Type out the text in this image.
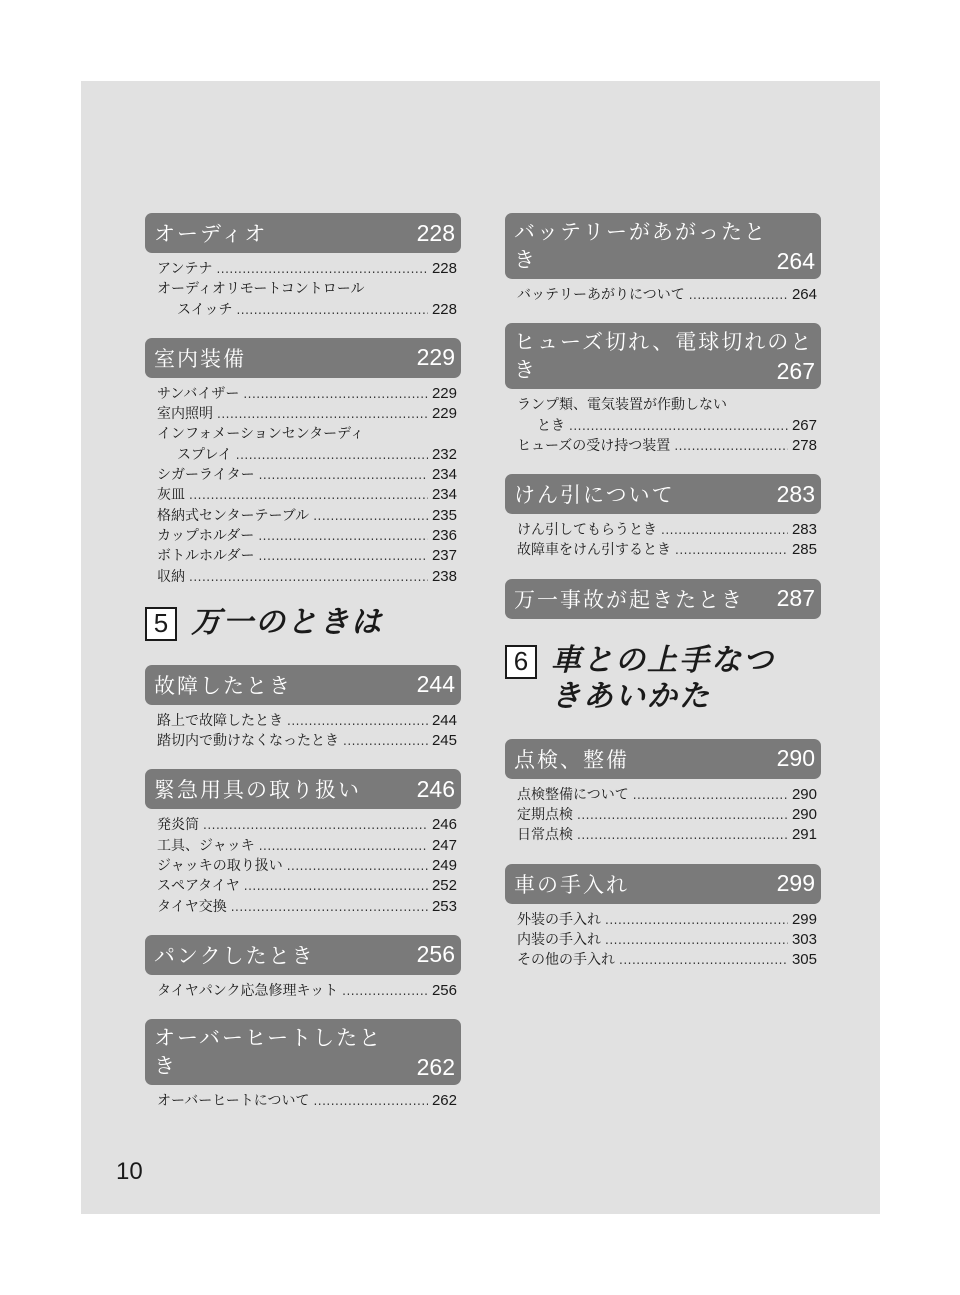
オーディオ	228
アンテナ .....	228
オーディオリモートコントロール
スイッチ .....	228
室内装備	229
サンバイザー .....	229
室内照明 .....	229
インフォメーションセンターディ
スプレイ .....	232
シガーライター .....	234
灰皿 .....	234
格納式センターテーブル .....	235
カップホルダー .....	236
ボトルホルダー .....	237
収納 .....	238
5 万一のときは
故障したとき	244
路上で故障したとき .....	244
踏切内で動けなくなったとき .....	245
緊急用具の取り扱い 246
発炎筒 .....	246
工具、ジャッキ .....	247
ジャッキの取り扱い .....	249
スペアタイヤ .....	252
タイヤ交換 .....	253
パンクしたとき	256
タイヤパンク応急修理キット .....	256
オーバーヒートしたと
き	262
オーバーヒートについて .....	262
バッテリーがあがったと
き	264
バッテリーあがりについて .....	264
ヒューズ切れ、電球切れのと
き	267
ランプ類、電気装置が作動しない
とき .....	267
ヒューズの受け持つ装置 .....	278
けん引について	283
けん引してもらうとき .....	283
故障車をけん引するとき .....	285
万一事故が起きたとき 287
6 車との上手なつ
きあいかた
点検、整備	290
点検整備について .....	290
定期点検 .....	290
日常点検 .....	291
車の手入れ	299
外装の手入れ .....	299
内装の手入れ .....	303
その他の手入れ .....	305
10
